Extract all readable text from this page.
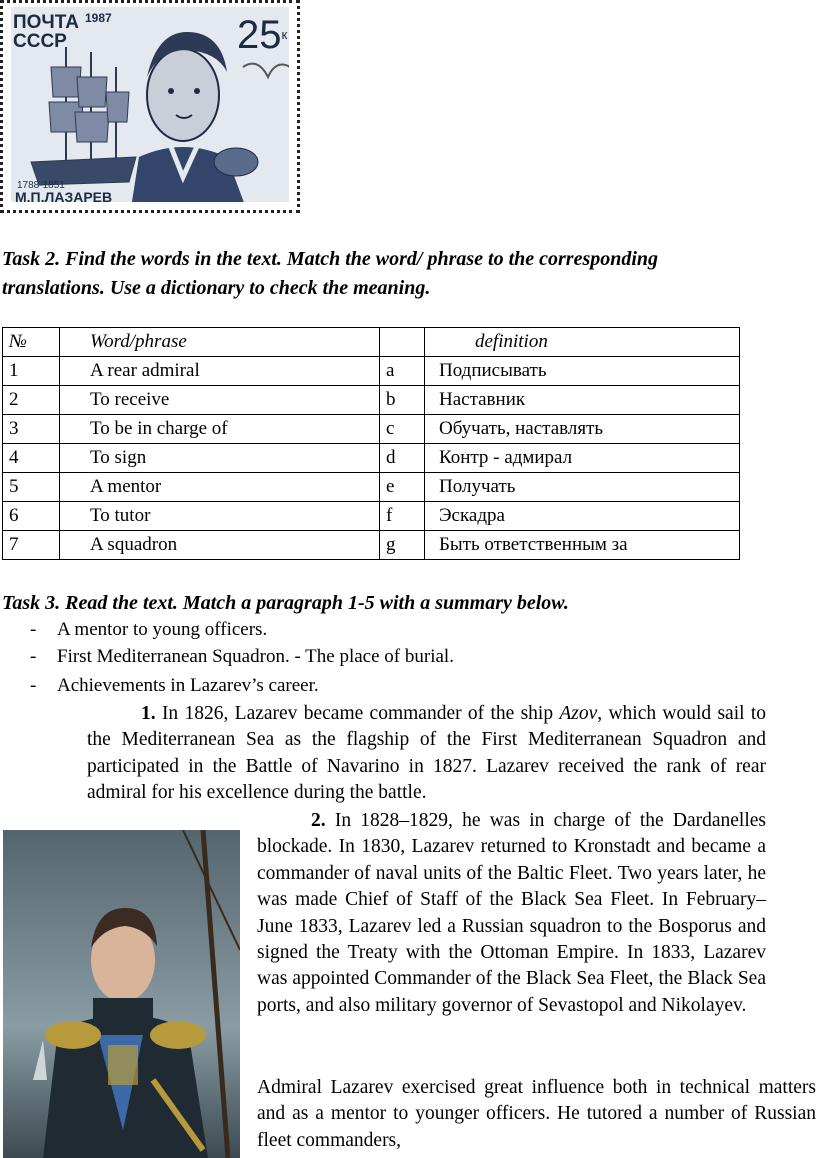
ПОЧТА
СССР
1987	$25^к$
1788-1851
М.П.ЛАЗАРЕВ
Task 2. Find the words in the text. Match the word/ phrase to the corresponding
translations. Use a dictionary to check the meaning.
№	Word/phrase		definition
1	A rear admiral	a	Подписывать
2	To receive	b	Наставник
3	To be in charge of	c	Обучать, наставлять
4	To sign	d	Контр - адмирал
5	A mentor	e	Получать
6	To tutor	f	Эскадра
7	A squadron	g	Быть ответственным за
Task 3. Read the text. Match a paragraph 1-5 with a summary below.
- A mentor to young officers.
- First Mediterranean Squadron. - The place of burial.
- Achievements in Lazarev’s career.

1. In 1826, Lazarev became commander of the ship Azov, which would sail to the Mediterranean Sea as the flagship of the First Mediterranean Squadron and participated in the Battle of Navarino in 1827. Lazarev received the rank of rear admiral for his excellence during the battle.

2. In 1828–1829, he was in charge of the Dardanelles blockade. In 1830, Lazarev returned to Kronstadt and became a commander of naval units of the Baltic Fleet. Two years later, he was made Chief of Staff of the Black Sea Fleet. In February–June 1833, Lazarev led a Russian squadron to the Bosporus and signed the Treaty with the Ottoman Empire. In 1833, Lazarev was appointed Commander of the Black Sea Fleet, the Black Sea ports, and also military governor of Sevastopol and Nikolayev.

Admiral Lazarev exercised great influence both in technical matters and as a mentor to younger officers. He tutored a number of Russian fleet commanders,
